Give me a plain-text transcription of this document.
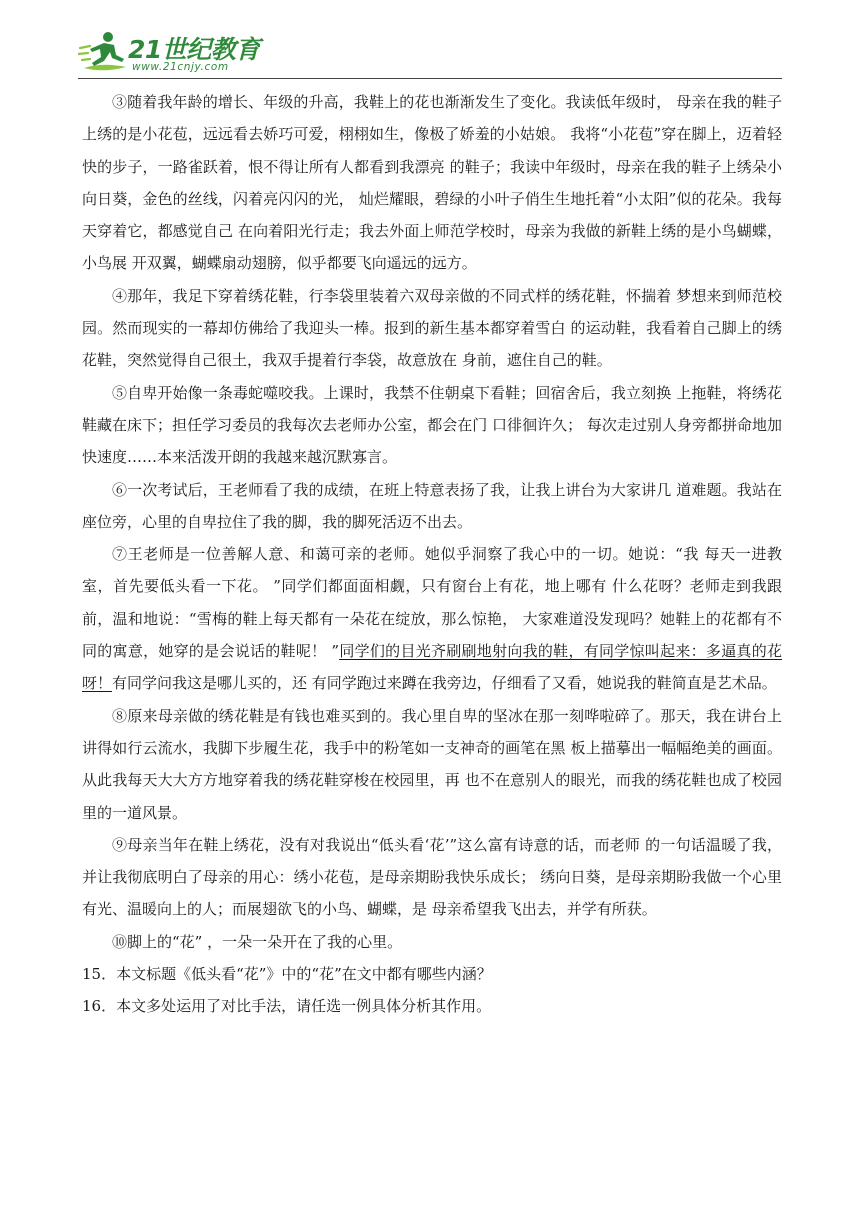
21世纪教育
www.21cnjy.com

③随着我年龄的增长、年级的升高，我鞋上的花也渐渐发生了变化。我读低年级时， 母亲在我的鞋子上绣的是小花苞，远远看去娇巧可爱，栩栩如生，像极了娇羞的小姑娘。 我将“小花苞”穿在脚上，迈着轻快的步子，一路雀跃着，恨不得让所有人都看到我漂亮 的鞋子；我读中年级时，母亲在我的鞋子上绣朵小向日葵，金色的丝线，闪着亮闪闪的光， 灿烂耀眼，碧绿的小叶子俏生生地托着“小太阳”似的花朵。我每天穿着它，都感觉自己 在向着阳光行走；我去外面上师范学校时，母亲为我做的新鞋上绣的是小鸟蝴蝶，小鸟展 开双翼，蝴蝶扇动翅膀，似乎都要飞向遥远的远方。

④那年，我足下穿着绣花鞋，行李袋里装着六双母亲做的不同式样的绣花鞋，怀揣着 梦想来到师范校园。然而现实的一幕却仿佛给了我迎头一棒。报到的新生基本都穿着雪白 的运动鞋，我看着自己脚上的绣花鞋，突然觉得自己很土，我双手提着行李袋，故意放在 身前，遮住自己的鞋。

⑤自卑开始像一条毒蛇噬咬我。上课时，我禁不住朝桌下看鞋；回宿舍后，我立刻换 上拖鞋，将绣花鞋藏在床下；担任学习委员的我每次去老师办公室，都会在门 口徘徊许久； 每次走过别人身旁都拼命地加快速度……本来活泼开朗的我越来越沉默寡言。

⑥一次考试后，王老师看了我的成绩，在班上特意表扬了我，让我上讲台为大家讲几 道难题。我站在座位旁，心里的自卑拉住了我的脚，我的脚死活迈不出去。

⑦王老师是一位善解人意、和蔼可亲的老师。她似乎洞察了我心中的一切。她说：“我 每天一进教室，首先要低头看一下花。 ”同学们都面面相觑，只有窗台上有花，地上哪有 什么花呀？老师走到我跟前，温和地说：“雪梅的鞋上每天都有一朵花在绽放，那么惊艳， 大家难道没发现吗？她鞋上的花都有不同的寓意，她穿的是会说话的鞋呢！ ”同学们的目光齐刷刷地射向我的鞋，有同学惊叫起来：多逼真的花呀！有同学问我这是哪儿买的，还 有同学跑过来蹲在我旁边，仔细看了又看，她说我的鞋简直是艺术品。

⑧原来母亲做的绣花鞋是有钱也难买到的。我心里自卑的坚冰在那一刻哗啦碎了。那天，我在讲台上讲得如行云流水，我脚下步履生花，我手中的粉笔如一支神奇的画笔在黑 板上描摹出一幅幅绝美的画面。从此我每天大大方方地穿着我的绣花鞋穿梭在校园里，再 也不在意别人的眼光，而我的绣花鞋也成了校园里的一道风景。

⑨母亲当年在鞋上绣花，没有对我说出“低头看‘花’”这么富有诗意的话，而老师 的一句话温暖了我，并让我彻底明白了母亲的用心：绣小花苞，是母亲期盼我快乐成长； 绣向日葵，是母亲期盼我做一个心里有光、温暖向上的人；而展翅欲飞的小鸟、蝴蝶，是 母亲希望我飞出去，并学有所获。

⑩脚上的“花” ，一朵一朵开在了我的心里。

15．本文标题《低头看“花”》中的“花”在文中都有哪些内涵？

16．本文多处运用了对比手法，请任选一例具体分析其作用。
